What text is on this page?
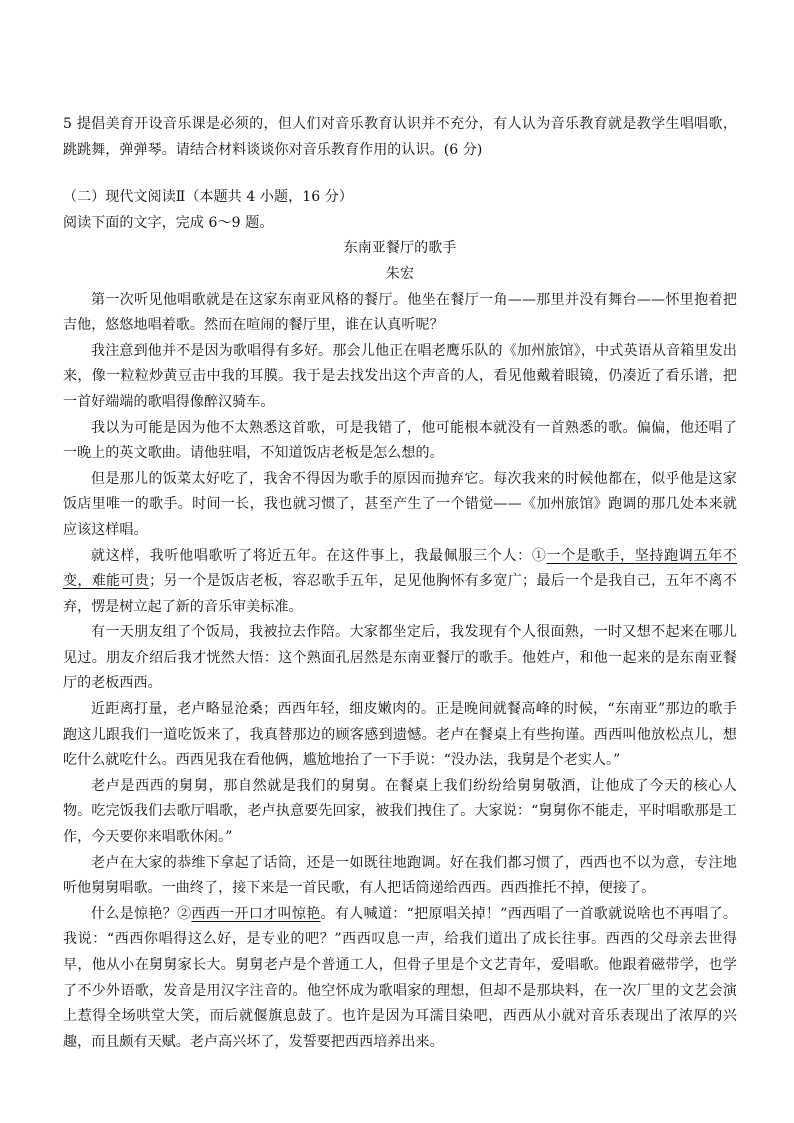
5 提倡美育开设音乐课是必须的，但人们对音乐教育认识并不充分，有人认为音乐教育就是教学生唱唱歌，跳跳舞，弹弹琴。请结合材料谈谈你对音乐教育作用的认识。(6 分)

（二）现代文阅读Ⅱ（本题共 4 小题，16 分）

阅读下面的文字，完成 6～9 题。

东南亚餐厅的歌手

朱宏

第一次听见他唱歌就是在这家东南亚风格的餐厅。他坐在餐厅一角——那里并没有舞台——怀里抱着把吉他，悠悠地唱着歌。然而在喧闹的餐厅里，谁在认真听呢？

我注意到他并不是因为歌唱得有多好。那会儿他正在唱老鹰乐队的《加州旅馆》，中式英语从音箱里发出来，像一粒粒炒黄豆击中我的耳膜。我于是去找发出这个声音的人，看见他戴着眼镜，仍凑近了看乐谱，把一首好端端的歌唱得像醉汉骑车。

我以为可能是因为他不太熟悉这首歌，可是我错了，他可能根本就没有一首熟悉的歌。偏偏，他还唱了一晚上的英文歌曲。请他驻唱，不知道饭店老板是怎么想的。

但是那儿的饭菜太好吃了，我舍不得因为歌手的原因而抛弃它。每次我来的时候他都在，似乎他是这家饭店里唯一的歌手。时间一长，我也就习惯了，甚至产生了一个错觉——《加州旅馆》跑调的那几处本来就应该这样唱。

就这样，我听他唱歌听了将近五年。在这件事上，我最佩服三个人：①一个是歌手，坚持跑调五年不变，难能可贵；另一个是饭店老板，容忍歌手五年，足见他胸怀有多宽广；最后一个是我自己，五年不离不弃，愣是树立起了新的音乐审美标准。

有一天朋友组了个饭局，我被拉去作陪。大家都坐定后，我发现有个人很面熟，一时又想不起来在哪儿见过。朋友介绍后我才恍然大悟：这个熟面孔居然是东南亚餐厅的歌手。他姓卢，和他一起来的是东南亚餐厅的老板西西。

近距离打量，老卢略显沧桑；西西年轻，细皮嫩肉的。正是晚间就餐高峰的时候，“东南亚”那边的歌手跑这儿跟我们一道吃饭来了，我真替那边的顾客感到遗憾。老卢在餐桌上有些拘谨。西西叫他放松点儿，想吃什么就吃什么。西西见我在看他俩，尴尬地抬了一下手说：“没办法，我舅是个老实人。”

老卢是西西的舅舅，那自然就是我们的舅舅。在餐桌上我们纷纷给舅舅敬酒，让他成了今天的核心人物。吃完饭我们去歌厅唱歌，老卢执意要先回家，被我们拽住了。大家说：“舅舅你不能走，平时唱歌那是工作，今天要你来唱歌休闲。”

老卢在大家的恭维下拿起了话筒，还是一如既往地跑调。好在我们都习惯了，西西也不以为意，专注地听他舅舅唱歌。一曲终了，接下来是一首民歌，有人把话筒递给西西。西西推托不掉，便接了。

什么是惊艳？②西西一开口才叫惊艳。有人喊道：“把原唱关掉！”西西唱了一首歌就说啥也不再唱了。我说：“西西你唱得这么好，是专业的吧？”西西叹息一声，给我们道出了成长往事。西西的父母亲去世得早，他从小在舅舅家长大。舅舅老卢是个普通工人，但骨子里是个文艺青年，爱唱歌。他跟着磁带学，也学了不少外语歌，发音是用汉字注音的。他空怀成为歌唱家的理想，但却不是那块料，在一次厂里的文艺会演上惹得全场哄堂大笑，而后就偃旗息鼓了。也许是因为耳濡目染吧，西西从小就对音乐表现出了浓厚的兴趣，而且颇有天赋。老卢高兴坏了，发誓要把西西培养出来。
